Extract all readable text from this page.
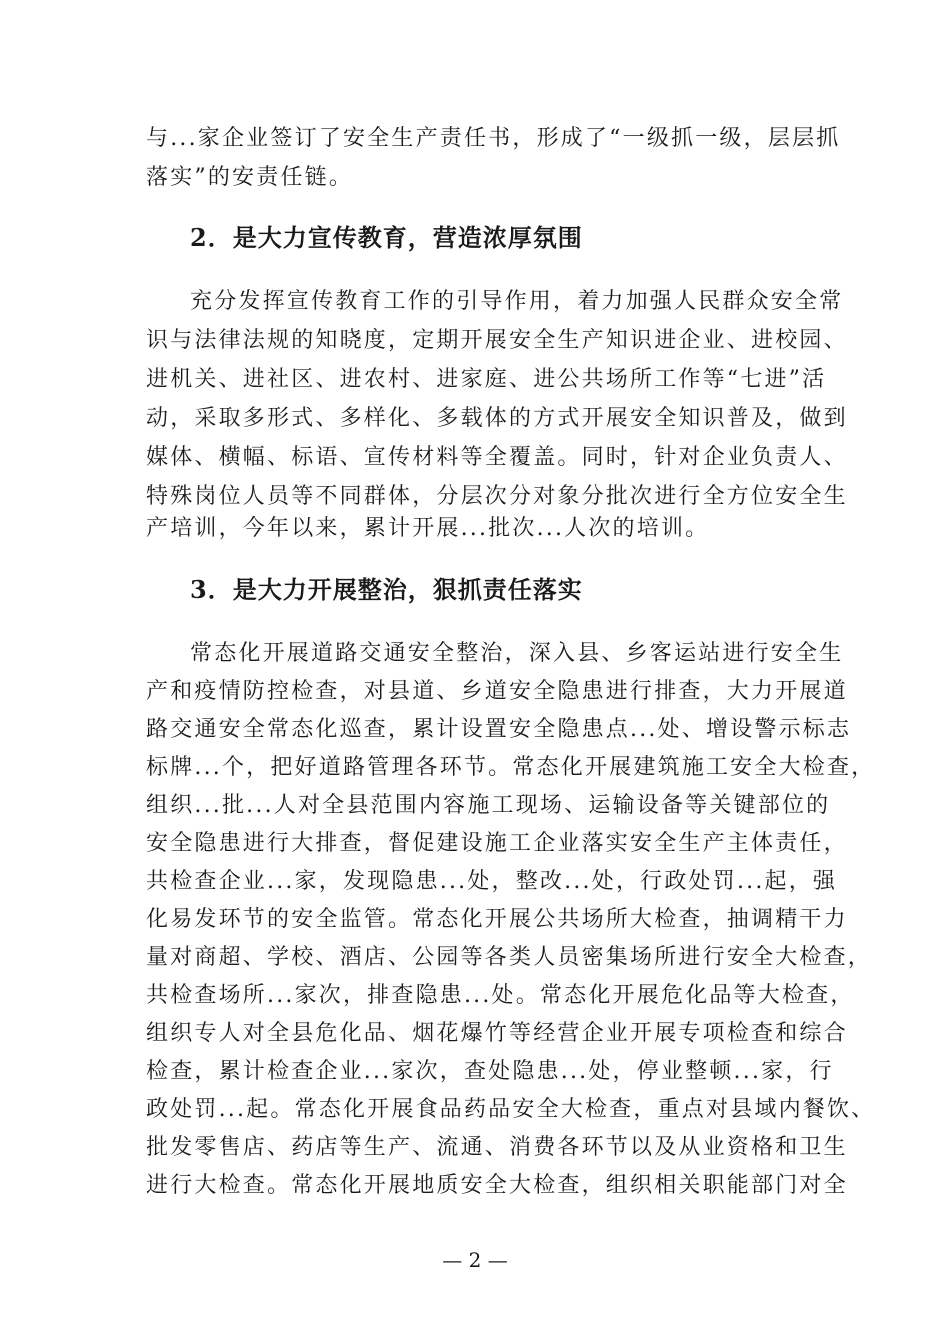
与...家企业签订了安全生产责任书，形成了“一级抓一级，层层抓
落实”的安责任链。
2．是大力宣传教育，营造浓厚氛围
充分发挥宣传教育工作的引导作用，着力加强人民群众安全常
识与法律法规的知晓度，定期开展安全生产知识进企业、进校园、
进机关、进社区、进农村、进家庭、进公共场所工作等“七进”活
动，采取多形式、多样化、多载体的方式开展安全知识普及，做到
媒体、横幅、标语、宣传材料等全覆盖。同时，针对企业负责人、
特殊岗位人员等不同群体，分层次分对象分批次进行全方位安全生
产培训，今年以来，累计开展...批次...人次的培训。
3．是大力开展整治，狠抓责任落实
常态化开展道路交通安全整治，深入县、乡客运站进行安全生
产和疫情防控检查，对县道、乡道安全隐患进行排查，大力开展道
路交通安全常态化巡查，累计设置安全隐患点...处、增设警示标志
标牌...个，把好道路管理各环节。常态化开展建筑施工安全大检查，
组织...批...人对全县范围内容施工现场、运输设备等关键部位的
安全隐患进行大排查，督促建设施工企业落实安全生产主体责任，
共检查企业...家，发现隐患...处，整改...处，行政处罚...起，强
化易发环节的安全监管。常态化开展公共场所大检查，抽调精干力
量对商超、学校、酒店、公园等各类人员密集场所进行安全大检查，
共检查场所...家次，排查隐患...处。常态化开展危化品等大检查，
组织专人对全县危化品、烟花爆竹等经营企业开展专项检查和综合
检查，累计检查企业...家次，查处隐患...处，停业整顿...家，行
政处罚...起。常态化开展食品药品安全大检查，重点对县域内餐饮、
批发零售店、药店等生产、流通、消费各环节以及从业资格和卫生
进行大检查。常态化开展地质安全大检查，组织相关职能部门对全
— 2 —
